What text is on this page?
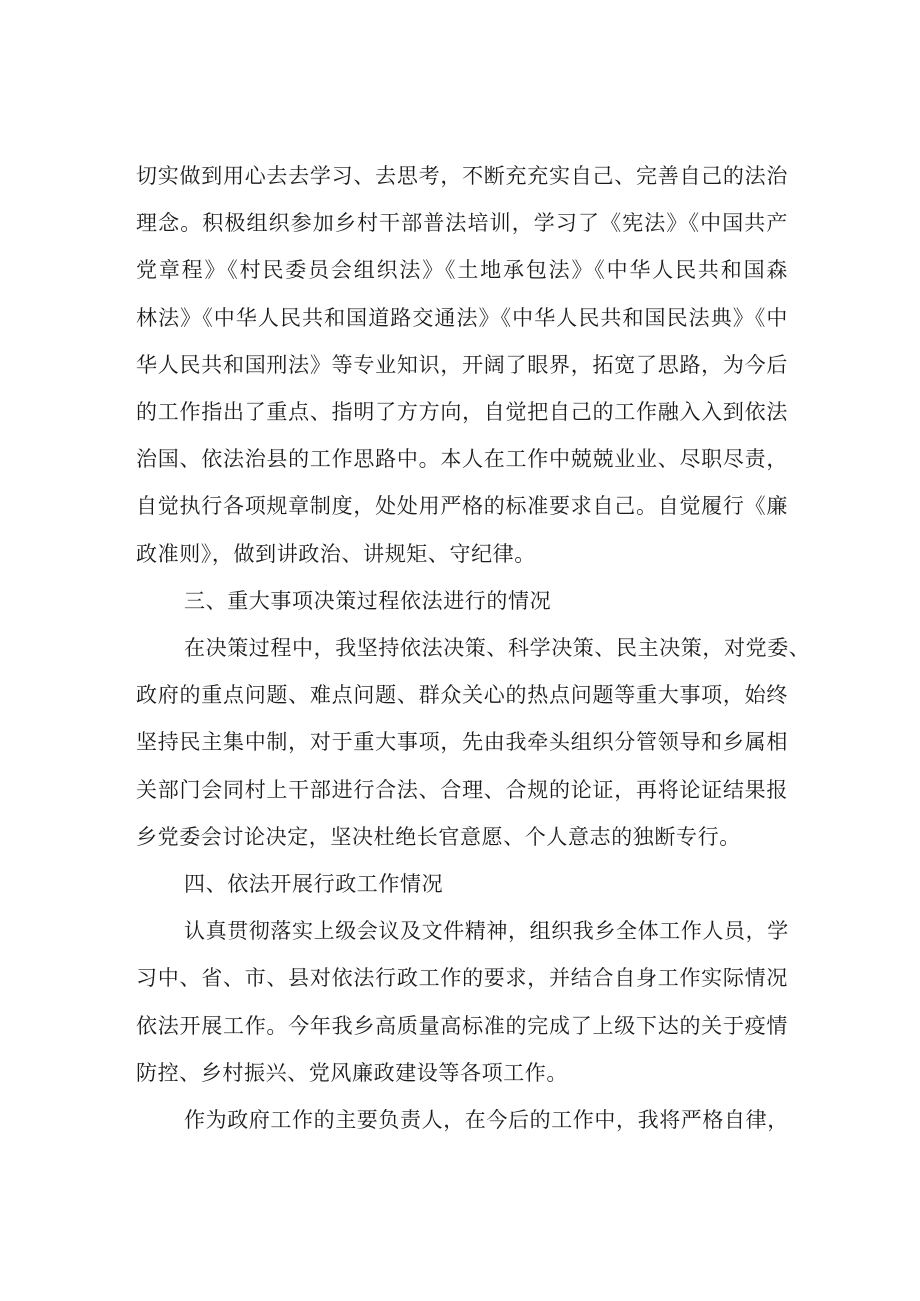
切实做到用心去去学习、去思考，不断充充实自己、完善自己的法治
理念。积极组织参加乡村干部普法培训，学习了《宪法》《中国共产
党章程》《村民委员会组织法》《土地承包法》《中华人民共和国森
林法》《中华人民共和国道路交通法》《中华人民共和国民法典》《中
华人民共和国刑法》等专业知识，开阔了眼界，拓宽了思路，为今后
的工作指出了重点、指明了方方向，自觉把自己的工作融入入到依法
治国、依法治县的工作思路中。本人在工作中兢兢业业、尽职尽责，
自觉执行各项规章制度，处处用严格的标准要求自己。自觉履行《廉
政准则》，做到讲政治、讲规矩、守纪律。
三、重大事项决策过程依法进行的情况
在决策过程中，我坚持依法决策、科学决策、民主决策，对党委、
政府的重点问题、难点问题、群众关心的热点问题等重大事项，始终
坚持民主集中制，对于重大事项，先由我牵头组织分管领导和乡属相
关部门会同村上干部进行合法、合理、合规的论证，再将论证结果报
乡党委会讨论决定，坚决杜绝长官意愿、个人意志的独断专行。
四、依法开展行政工作情况
认真贯彻落实上级会议及文件精神，组织我乡全体工作人员，学
习中、省、市、县对依法行政工作的要求，并结合自身工作实际情况
依法开展工作。今年我乡高质量高标准的完成了上级下达的关于疫情
防控、乡村振兴、党风廉政建设等各项工作。
作为政府工作的主要负责人，在今后的工作中，我将严格自律，
